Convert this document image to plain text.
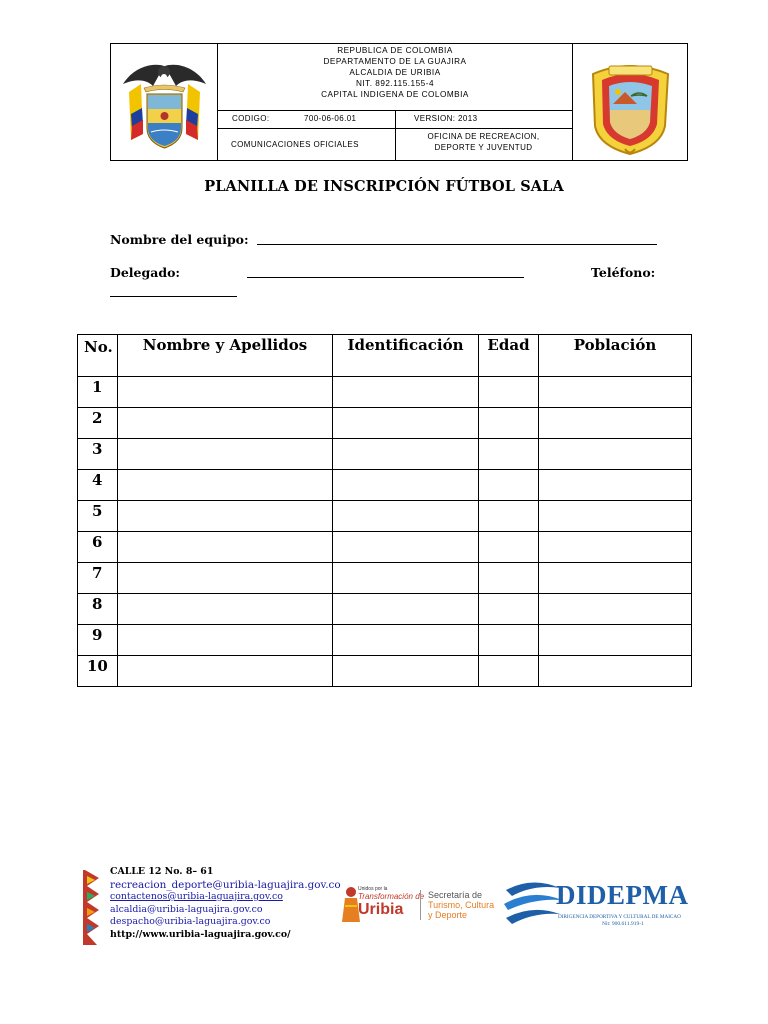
REPUBLICA DE COLOMBIA
DEPARTAMENTO DE LA GUAJIRA
ALCALDIA DE URIBIA
NIT. 892.115.155-4
CAPITAL INDIGENA DE COLOMBIA
CODIGO:	700-06-06.01	VERSION: 2013
COMUNICACIONES OFICIALES
OFICINA DE RECREACION,
DEPORTE Y JUVENTUD
PLANILLA DE INSCRIPCIÓN FÚTBOL SALA
Nombre del equipo:
Delegado:	Teléfono:
No.	Nombre y Apellidos	Identificación	Edad	Población
1				
2				
3				
4				
5				
6				
7				
8				
9				
10				
CALLE 12 No. 8– 61
recreacion_deporte@uribia-laguajira.gov.co
contactenos@uribia-laguajira.gov.co
alcaldia@uribia-laguajira.gov.co
despacho@uribia-laguajira.gov.co
http://www.uribia-laguajira.gov.co/
Unidos por la
Transformación de
Uribia
Secretaría de
Turismo, Cultura
y Deporte
DIDEPMA
DIRIGENCIA DEPORTIVA Y CULTURAL DE MAICAO
Nit: 900.611.919-1
